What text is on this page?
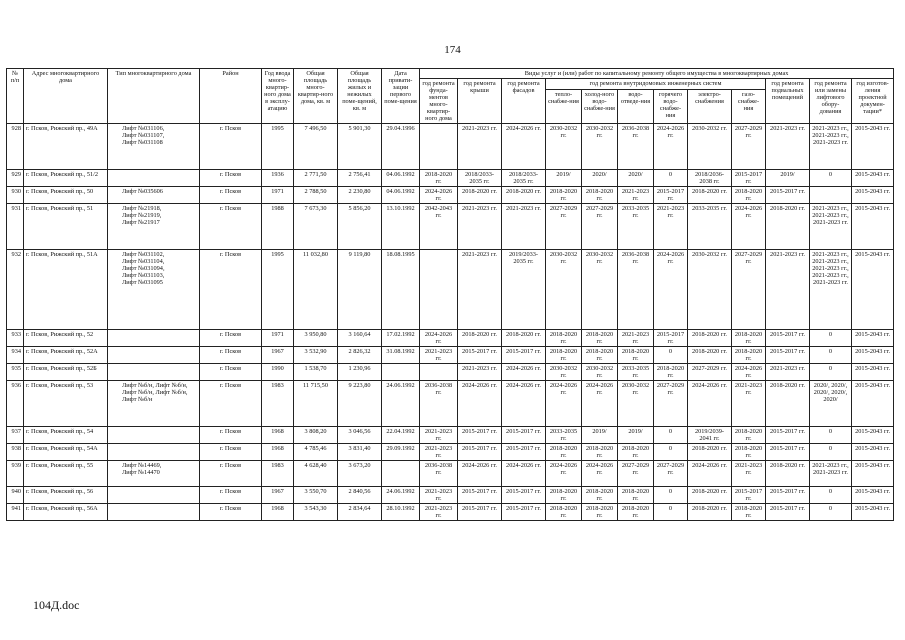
174
№ п/п	Адрес многоквартирного дома	Тип многоквартирного дома	Район	Год ввода много-квартир-ного дома в эксплу-атацию	Общая площадь много-квартир-ного дома, кв. м	Общая площадь жилых и нежилых поме-щений, кв. м	Дата привати-зации первого поме-щения	Виды услуг и (или) работ по капитальному ремонту общего имущества в многоквартирных домах											
								год ремонта фунда-ментов много-квартир-ного дома	год ремонта крыши	год ремонта фасадов	год ремонта внутридомовых инженерных систем						год ремонта подвальных помещений	год ремонта или замены лифтового обору-дования	год изготов-ления проектной докумен-тации*
											тепло-снабже-ния	холод-ного водо-снабже-ния	водо-отведе-ния	горячего водо-снабже-ния	электро-снабжения	газо-снабже-ния			
928	г. Псков, Рижский пр., 49А	Лифт №031106,
Лифт №031107,
Лифт №031108	г. Псков	1995	7 496,50	5 901,30	29.04.1996		2021-2023 гг.	2024-2026 гг.	2030-2032 гг.	2030-2032 гг.	2036-2038 гг.	2024-2026 гг.	2030-2032 гг.	2027-2029 гг.	2021-2023 гг.	2021-2023 гг., 2021-2023 гг., 2021-2023 гг.	2015-2043 гг.
929	г. Псков, Рижский пр., 51/2		г. Псков	1936	2 771,50	2 756,41	04.06.1992	2018-2020 гг.	2018/2033-2035 гг.	2018/2033-2035 гг.	2019/	2020/	2020/	0	2018/2036-2038 гг.	2015-2017 гг.	2019/	0	2015-2043 гг.
930	г. Псков, Рижский пр., 50	Лифт №035606	г. Псков	1971	2 788,50	2 230,80	04.06.1992	2024-2026 гг.	2018-2020 гг.	2018-2020 гг.	2018-2020 гг.	2018-2020 гг.	2021-2023 гг.	2015-2017 гг.	2018-2020 гг.	2018-2020 гг.	2015-2017 гг.		2015-2043 гг.
931	г. Псков, Рижский пр., 51	Лифт №21918,
Лифт №21919,
Лифт №21917	г. Псков	1988	7 673,30	5 856,20	13.10.1992	2042-2043 гг.	2021-2023 гг.	2021-2023 гг.	2027-2029 гг.	2027-2029 гг.	2033-2035 гг.	2021-2023 гг.	2033-2035 гг.	2024-2026 гг.	2018-2020 гг.	2021-2023 гг., 2021-2023 гг., 2021-2023 гг.	2015-2043 гг.
932	г. Псков, Рижский пр., 51А	Лифт №031102,
Лифт №031104,
Лифт №031094,
Лифт №031103,
Лифт №031095	г. Псков	1995	11 032,80	9 119,80	18.08.1995		2021-2023 гг.	2019/2033-2035 гг.	2030-2032 гг.	2030-2032 гг.	2036-2038 гг.	2024-2026 гг.	2030-2032 гг.	2027-2029 гг.	2021-2023 гг.	2021-2023 гг., 2021-2023 гг., 2021-2023 гг., 2021-2023 гг., 2021-2023 гг.	2015-2043 гг.
933	г. Псков, Рижский пр., 52		г. Псков	1971	3 950,80	3 160,64	17.02.1992	2024-2026 гг.	2018-2020 гг.	2018-2020 гг.	2018-2020 гг.	2018-2020 гг.	2021-2023 гг.	2015-2017 гг.	2018-2020 гг.	2018-2020 гг.	2015-2017 гг.	0	2015-2043 гг.
934	г. Псков, Рижский пр., 52А		г. Псков	1967	3 532,90	2 826,32	31.08.1992	2021-2023 гг.	2015-2017 гг.	2015-2017 гг.	2018-2020 гг.	2018-2020 гг.	2018-2020 гг.	0	2018-2020 гг.	2018-2020 гг.	2015-2017 гг.	0	2015-2043 гг.
935	г. Псков, Рижский пр., 52Б		г. Псков	1990	1 538,70	1 230,96			2021-2023 гг.	2024-2026 гг.	2030-2032 гг.	2030-2032 гг.	2033-2035 гг.	2018-2020 гг.	2027-2029 гг.	2024-2026 гг.	2021-2023 гг.	0	2015-2043 гг.
936	г. Псков, Рижский пр., 53	Лифт №б/н, Лифт №б/н,
Лифт №б/н, Лифт №б/н,
Лифт №б/н	г. Псков	1983	11 715,50	9 223,80	24.06.1992	2036-2038 гг.	2024-2026 гг.	2024-2026 гг.	2024-2026 гг.	2024-2026 гг.	2030-2032 гг.	2027-2029 гг.	2024-2026 гг.	2021-2023 гг.	2018-2020 гг.	2020/, 2020/, 2020/, 2020/, 2020/	2015-2043 гг.
937	г. Псков, Рижский пр., 54		г. Псков	1968	3 808,20	3 046,56	22.04.1992	2021-2023 гг.	2015-2017 гг.	2015-2017 гг.	2033-2035 гг.	2019/	2019/	0	2019/2039-2041 гг.	2018-2020 гг.	2015-2017 гг.	0	2015-2043 гг.
938	г. Псков, Рижский пр., 54А		г. Псков	1968	4 785,46	3 831,40	29.09.1992	2021-2023 гг.	2015-2017 гг.	2015-2017 гг.	2018-2020 гг.	2018-2020 гг.	2018-2020 гг.	0	2018-2020 гг.	2018-2020 гг.	2015-2017 гг.	0	2015-2043 гг.
939	г. Псков, Рижский пр., 55	Лифт №14469,
Лифт №14470	г. Псков	1983	4 628,40	3 673,20		2036-2038 гг.	2024-2026 гг.	2024-2026 гг.	2024-2026 гг.	2024-2026 гг.	2027-2029 гг.	2027-2029 гг.	2024-2026 гг.	2021-2023 гг.	2018-2020 гг.	2021-2023 гг., 2021-2023 гг.	2015-2043 гг.
940	г. Псков, Рижский пр., 56		г. Псков	1967	3 550,70	2 840,56	24.06.1992	2021-2023 гг.	2015-2017 гг.	2015-2017 гг.	2018-2020 гг.	2018-2020 гг.	2018-2020 гг.	0	2018-2020 гг.	2015-2017 гг.	2015-2017 гг.	0	2015-2043 гг.
941	г. Псков, Рижский пр., 56А		г. Псков	1968	3 543,30	2 834,64	28.10.1992	2021-2023 гг.	2015-2017 гг.	2015-2017 гг.	2018-2020 гг.	2018-2020 гг.	2018-2020 гг.	0	2018-2020 гг.	2018-2020 гг.	2015-2017 гг.	0	2015-2043 гг.
104Д.doc
